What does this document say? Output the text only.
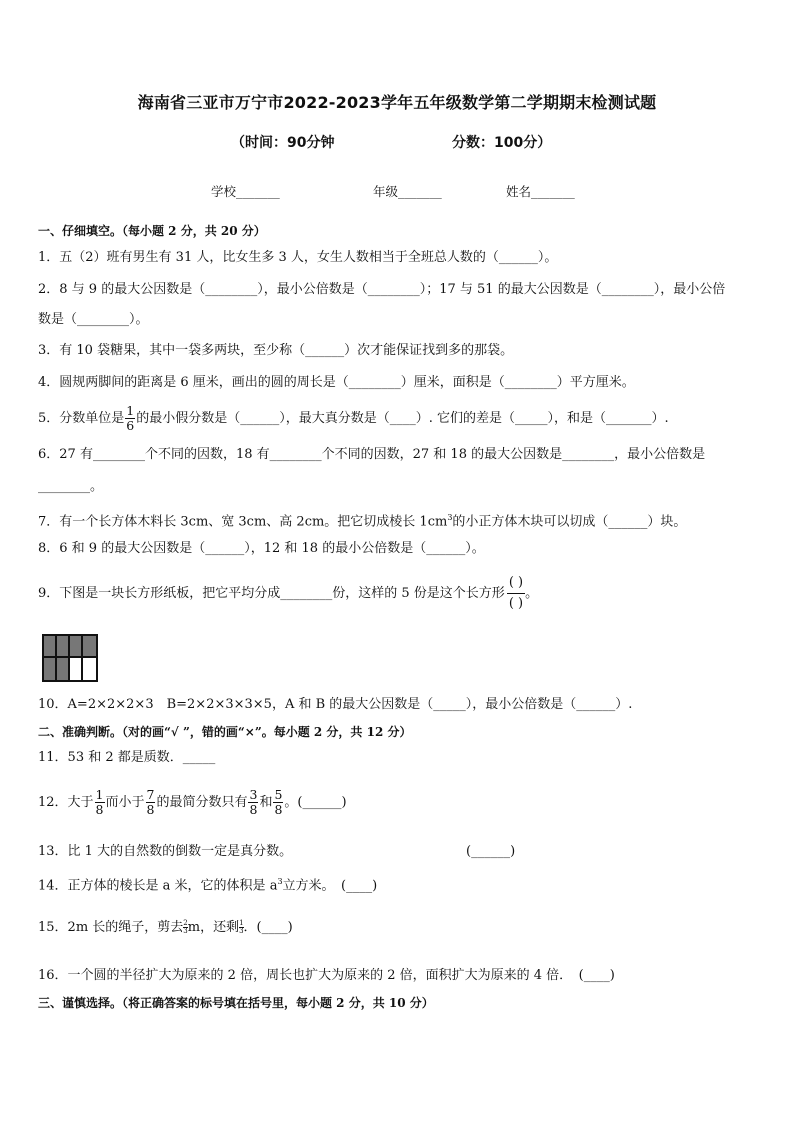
海南省三亚市万宁市2022-2023学年五年级数学第二学期期末检测试题
（时间：90分钟	分数：100分）
学校_______	年级_______	姓名_______
一、仔细填空。（每小题 2 分，共 20 分）
1．五（2）班有男生有 31 人，比女生多 3 人，女生人数相当于全班总人数的（______）。
2．8 与 9 的最大公因数是（________），最小公倍数是（________）；17 与 51 的最大公因数是（________），最小公倍
数是（________）。
3．有 10 袋糖果，其中一袋多两块，至少称（______）次才能保证找到多的那袋。
4．圆规两脚间的距离是 6 厘米，画出的圆的周长是（________）厘米，面积是（________）平方厘米。
5．分数单位是 $\frac{1}{6}$ 的最小假分数是（______），最大真分数是（____）. 它们的差是（_____），和是（_______）.
6．27 有________个不同的因数，18 有________个不同的因数，27 和 18 的最大公因数是________，最小公倍数是
________。
7．有一个长方体木料长 3cm、宽 3cm、高 2cm。把它切成棱长 $1cm^3$的小正方体木块可以切成（______）块。
8．6 和 9 的最大公因数是（______），12 和 18 的最小公倍数是（______）。
9．下图是一块长方形纸板，把它平均分成________份，这样的 5 份是这个长方形
( )
( )
。
10．A=2×2×2×3　B=2×2×3×3×5，A 和 B 的最大公因数是（_____），最小公倍数是（______）.
二、准确判断。（对的画“√ ”，错的画“×”。每小题 2 分，共 12 分）
11．53 和 2 都是质数．_____
12．大于 $\frac{1}{8}$ 而小于 $\frac{7}{8}$ 的最简分数只有 $\frac{3}{8}$ 和 $\frac{5}{8}$ 。(______)
13．比 1 大的自然数的倒数一定是真分数。	(______)
14．正方体的棱长是 a 米，它的体积是 $a^3$立方米。　(____)
15．2m 长的绳子，剪去 $\frac{2}{3}$ m，还剩 $\frac{1}{3}$ ．(____)
16．一个圆的半径扩大为原来的 2 倍，周长也扩大为原来的 2 倍，面积扩大为原来的 4 倍．　(____)
三、谨慎选择。（将正确答案的标号填在括号里，每小题 2 分，共 10 分）
